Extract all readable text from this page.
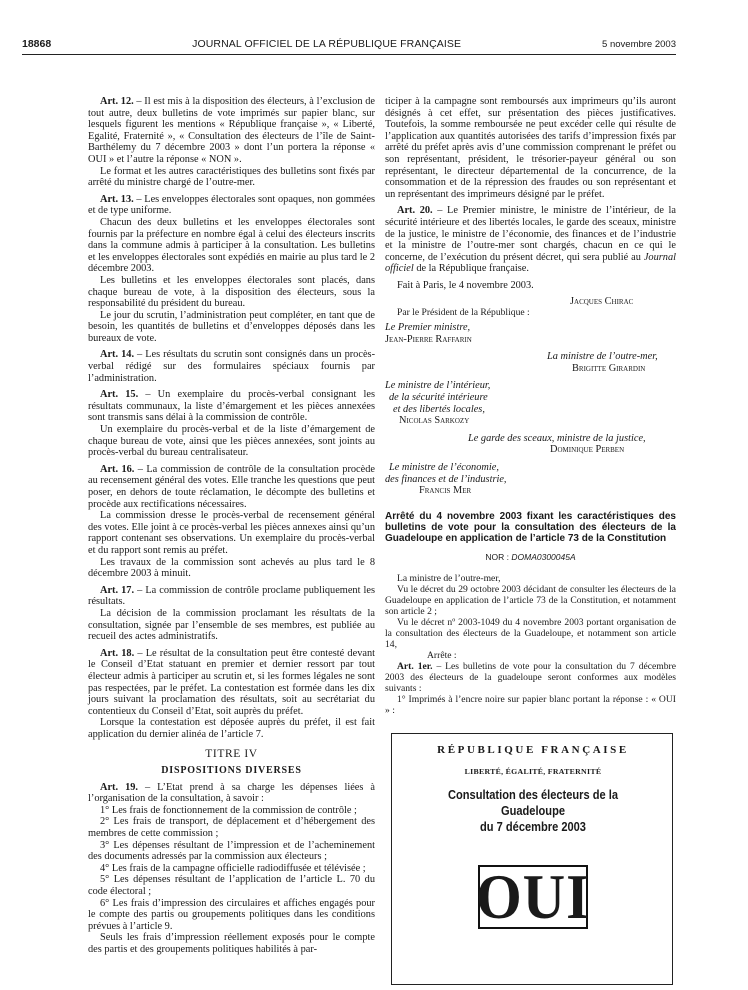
18868	JOURNAL OFFICIEL DE LA RÉPUBLIQUE FRANÇAISE	5 novembre 2003

Art. 12. – Il est mis à la disposition des électeurs, à l’exclusion de tout autre, deux bulletins de vote imprimés sur papier blanc, sur lesquels figurent les mentions « République française », « Liberté, Egalité, Fraternité », « Consultation des électeurs de l’île de Saint-Barthélemy du 7 décembre 2003 » dont l’un portera la réponse « OUI » et l’autre la réponse « NON ».

Le format et les autres caractéristiques des bulletins sont fixés par arrêté du ministre chargé de l’outre-mer.

Art. 13. – Les enveloppes électorales sont opaques, non gommées et de type uniforme.

Chacun des deux bulletins et les enveloppes électorales sont fournis par la préfecture en nombre égal à celui des électeurs inscrits dans la commune admis à participer à la consultation. Les bulletins et les enveloppes électorales sont expédiés en mairie au plus tard le 2 décembre 2003.

Les bulletins et les enveloppes électorales sont placés, dans chaque bureau de vote, à la disposition des électeurs, sous la responsabilité du président du bureau.

Le jour du scrutin, l’administration peut compléter, en tant que de besoin, les quantités de bulletins et d’enveloppes déposés dans les bureaux de vote.

Art. 14. – Les résultats du scrutin sont consignés dans un procès-verbal rédigé sur des formulaires spéciaux fournis par l’administration.

Art. 15. – Un exemplaire du procès-verbal consignant les résultats communaux, la liste d’émargement et les pièces annexées sont transmis sans délai à la commission de contrôle.

Un exemplaire du procès-verbal et de la liste d’émargement de chaque bureau de vote, ainsi que les pièces annexées, sont joints au procès-verbal du bureau centralisateur.

Art. 16. – La commission de contrôle de la consultation procède au recensement général des votes. Elle tranche les questions que peut poser, en dehors de toute réclamation, le décompte des bulletins et procède aux rectifications nécessaires.

La commission dresse le procès-verbal de recensement général des votes. Elle joint à ce procès-verbal les pièces annexes ainsi qu’un rapport contenant ses observations. Un exemplaire du procès-verbal et du rapport sont remis au préfet.

Les travaux de la commission sont achevés au plus tard le 8 décembre 2003 à minuit.

Art. 17. – La commission de contrôle proclame publiquement les résultats.

La décision de la commission proclamant les résultats de la consultation, signée par l’ensemble de ses membres, est publiée au recueil des actes administratifs.

Art. 18. – Le résultat de la consultation peut être contesté devant le Conseil d’Etat statuant en premier et dernier ressort par tout électeur admis à participer au scrutin et, si les formes légales ne sont pas respectées, par le préfet. La contestation est formée dans les dix jours suivant la proclamation des résultats, soit au secrétariat du contentieux du Conseil d’Etat, soit auprès du préfet.

Lorsque la contestation est déposée auprès du préfet, il est fait application du dernier alinéa de l’article 7.

TITRE IV
DISPOSITIONS DIVERSES

Art. 19. – L’Etat prend à sa charge les dépenses liées à l’organisation de la consultation, à savoir :

1° Les frais de fonctionnement de la commission de contrôle ;

2° Les frais de transport, de déplacement et d’hébergement des membres de cette commission ;

3° Les dépenses résultant de l’impression et de l’acheminement des documents adressés par la commission aux électeurs ;

4° Les frais de la campagne officielle radiodiffusée et télévisée ;

5° Les dépenses résultant de l’application de l’article L. 70 du code électoral ;

6° Les frais d’impression des circulaires et affiches engagés pour le compte des partis ou groupements politiques dans les conditions prévues à l’article 9.

Seuls les frais d’impression réellement exposés pour le compte des partis et des groupements politiques habilités à par-

ticiper à la campagne sont remboursés aux imprimeurs qu’ils auront désignés à cet effet, sur présentation des pièces justificatives. Toutefois, la somme remboursée ne peut excéder celle qui résulte de l’application aux quantités autorisées des tarifs d’impression fixés par arrêté du préfet après avis d’une commission comprenant le préfet ou son représentant, président, le trésorier-payeur général ou son représentant, le directeur départemental de la concurrence, de la consommation et de la répression des fraudes ou son représentant et un représentant des imprimeurs désigné par le préfet.

Art. 20. – Le Premier ministre, le ministre de l’intérieur, de la sécurité intérieure et des libertés locales, le garde des sceaux, ministre de la justice, le ministre de l’économie, des finances et de l’industrie et la ministre de l’outre-mer sont chargés, chacun en ce qui le concerne, de l’exécution du présent décret, qui sera publié au Journal officiel de la République française.

Fait à Paris, le 4 novembre 2003.

Jacques Chirac
Par le Président de la République :
Le Premier ministre,
Jean-Pierre Raffarin
La ministre de l’outre-mer,
Brigitte Girardin
Le ministre de l’intérieur,
de la sécurité intérieure
et des libertés locales,
Nicolas Sarkozy
Le garde des sceaux, ministre de la justice,
Dominique Perben
Le ministre de l’économie,
des finances et de l’industrie,
Francis Mer
Arrêté du 4 novembre 2003 fixant les caractéristiques des bulletins de vote pour la consultation des électeurs de la Guadeloupe en application de l’article 73 de la Constitution
NOR : DOMA0300045A

La ministre de l’outre-mer,

Vu le décret du 29 octobre 2003 décidant de consulter les électeurs de la Guadeloupe en application de l’article 73 de la Constitution, et notamment son article 2 ;

Vu le décret nº 2003-1049 du 4 novembre 2003 portant organisation de la consultation des électeurs de la Guadeloupe, et notamment son article 14,

Arrête :

Art. 1er. – Les bulletins de vote pour la consultation du 7 décembre 2003 des électeurs de la guadeloupe seront conformes aux modèles suivants :

1° Imprimés à l’encre noire sur papier blanc portant la réponse : « OUI » :

RÉPUBLIQUE FRANÇAISE
LIBERTÉ, ÉGALITÉ, FRATERNITÉ
Consultation des électeurs de la Guadeloupe
du 7 décembre 2003
OUI
